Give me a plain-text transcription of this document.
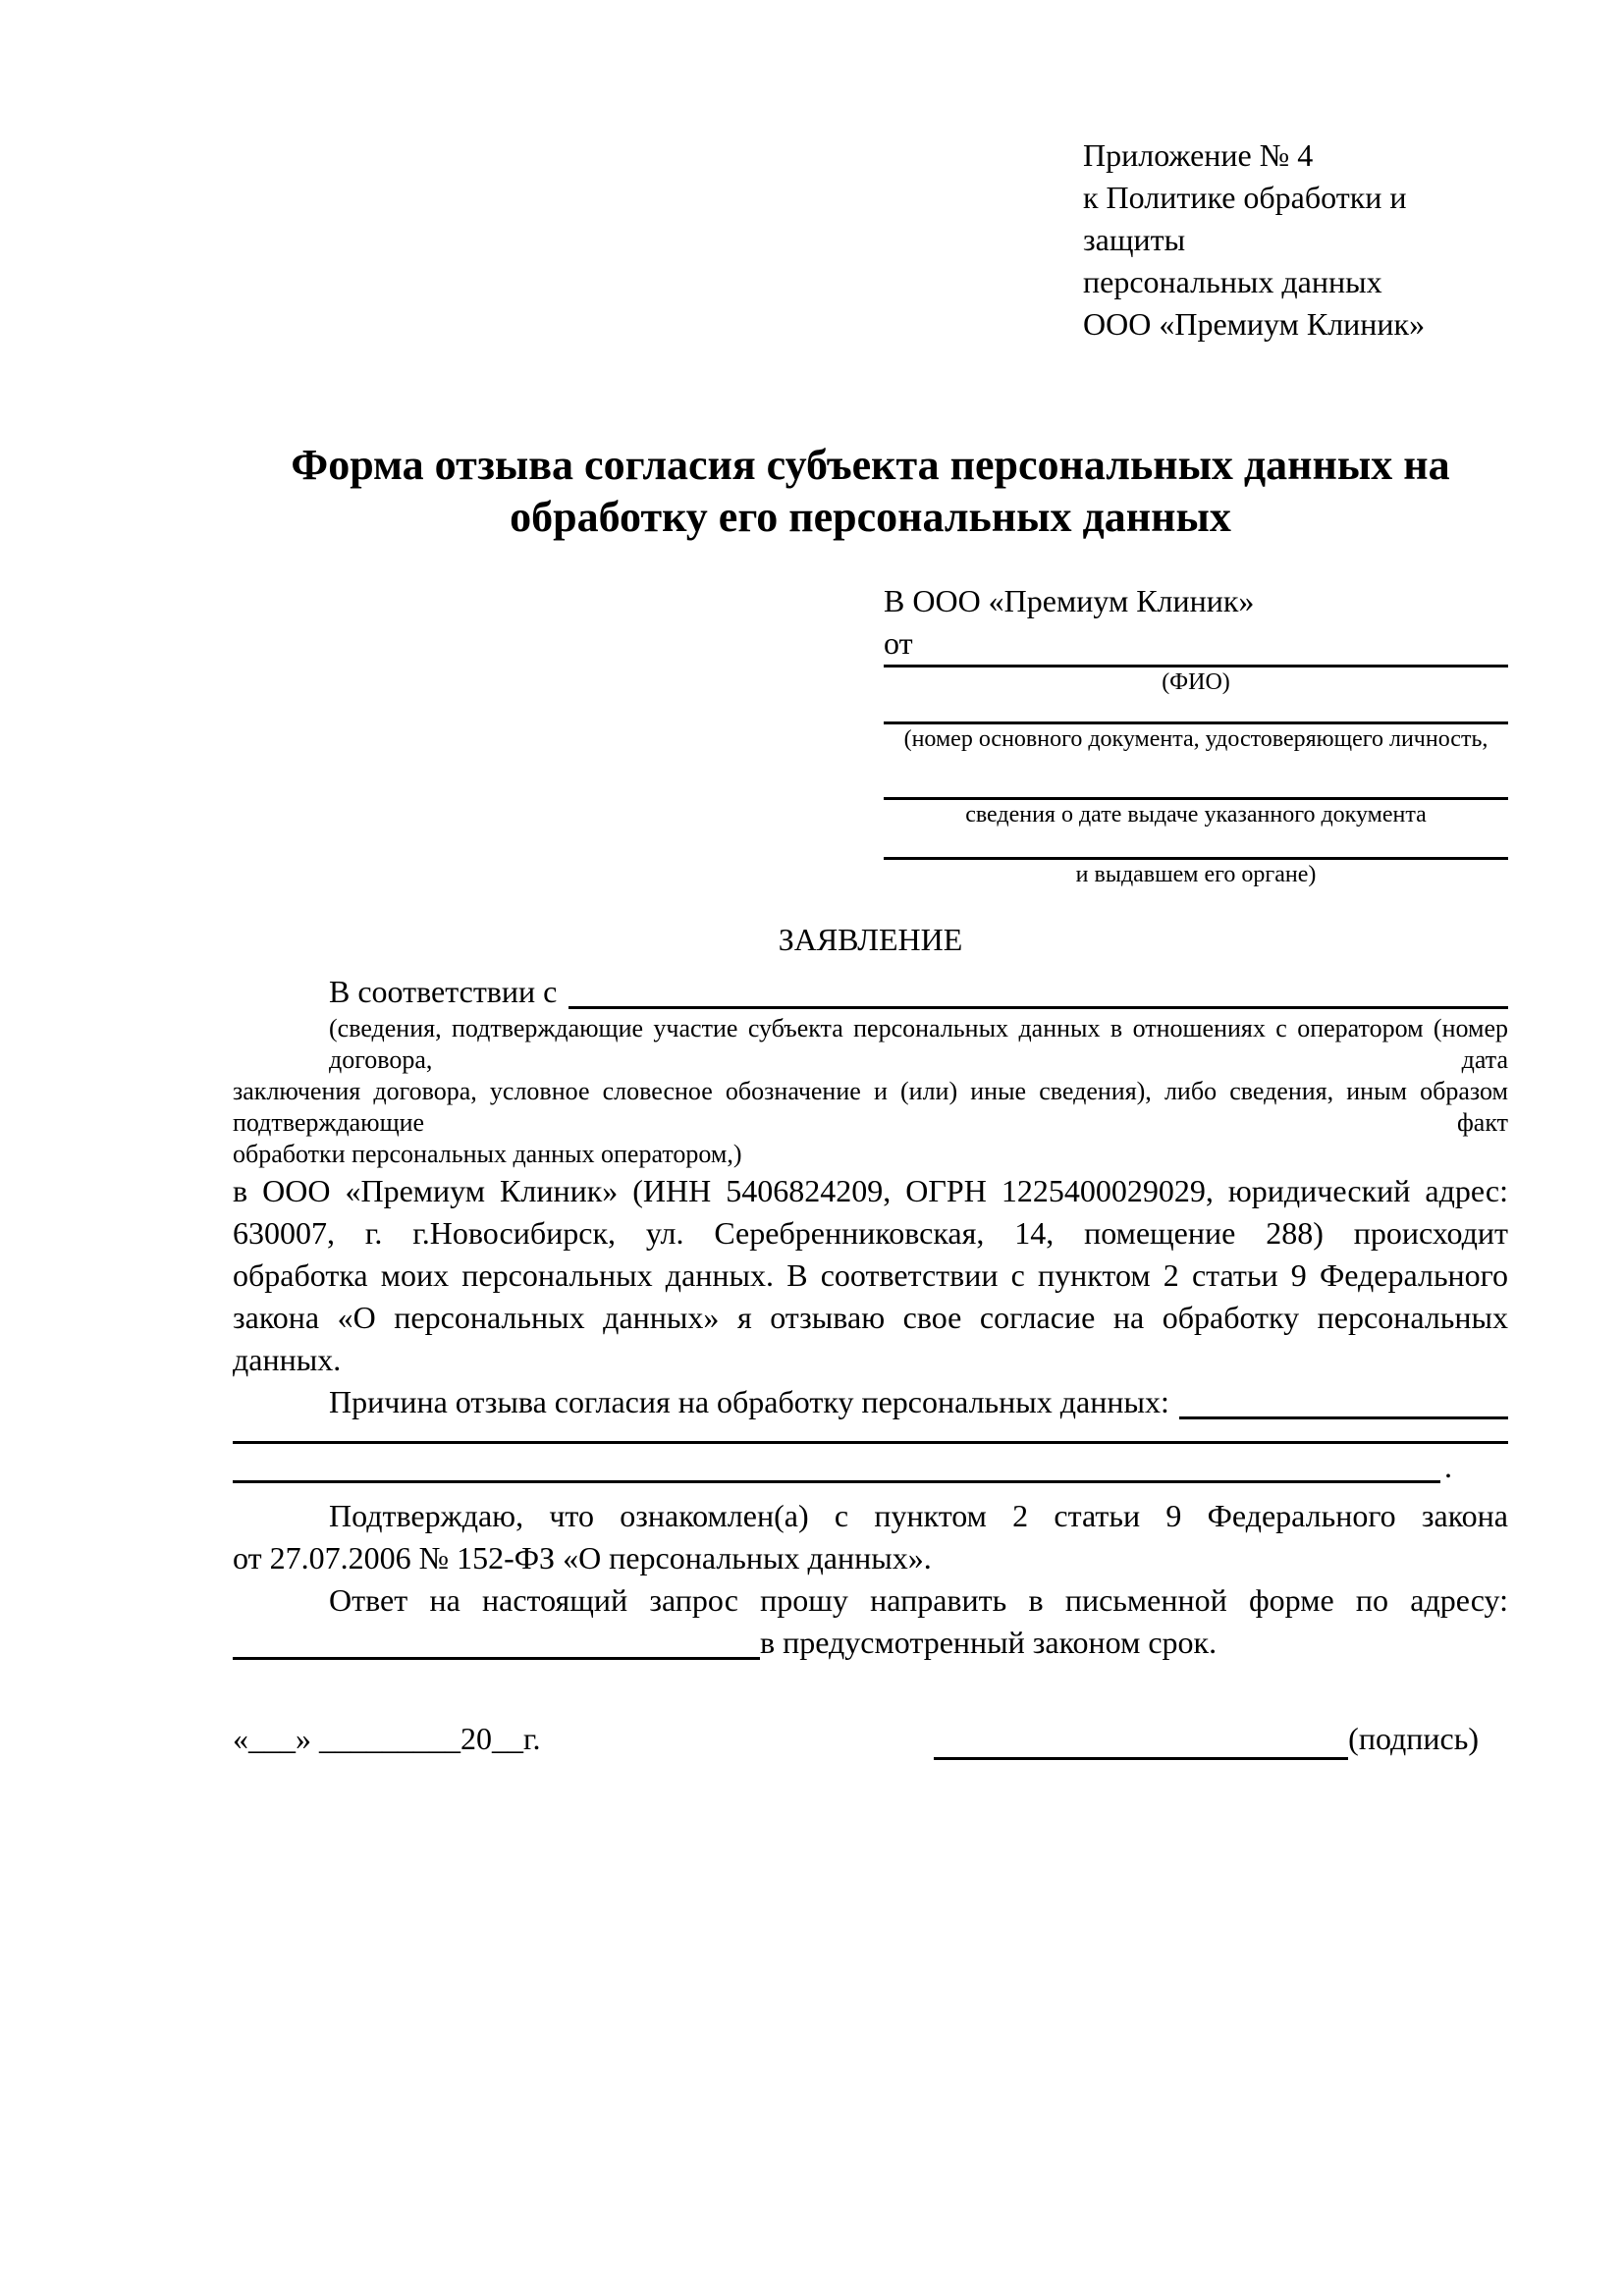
Приложение № 4
к Политике обработки и защиты
персональных данных
ООО «Премиум Клиник»
Форма отзыва согласия субъекта персональных данных на обработку его персональных данных
В ООО «Премиум Клиник»
от
(ФИО)
(номер основного документа, удостоверяющего личность,
сведения о дате выдаче указанного документа
и выдавшем его органе)
ЗАЯВЛЕНИЕ
В соответствии с
(сведения, подтверждающие участие субъекта персональных данных в отношениях с оператором (номер договора, дата
заключения договора, условное словесное обозначение и (или) иные сведения), либо сведения, иным образом подтверждающие факт
обработки персональных данных оператором,)
в ООО «Премиум Клиник» (ИНН 5406824209, ОГРН 1225400029029, юридический адрес:
630007, г. г.Новосибирск, ул. Серебренниковская, 14, помещение 288) происходит
обработка моих персональных данных. В соответствии с пунктом 2 статьи 9 Федерального
закона «О персональных данных» я отзываю свое согласие на обработку персональных
данных.
Причина отзыва согласия на обработку персональных данных:
.
Подтверждаю, что ознакомлен(а) с пунктом 2 статьи 9 Федерального закона
от 27.07.2006 № 152-ФЗ «О персональных данных».
Ответ на настоящий запрос прошу направить в письменной форме по адресу:
в предусмотренный законом срок.
«___» _________20__г.	(подпись)
